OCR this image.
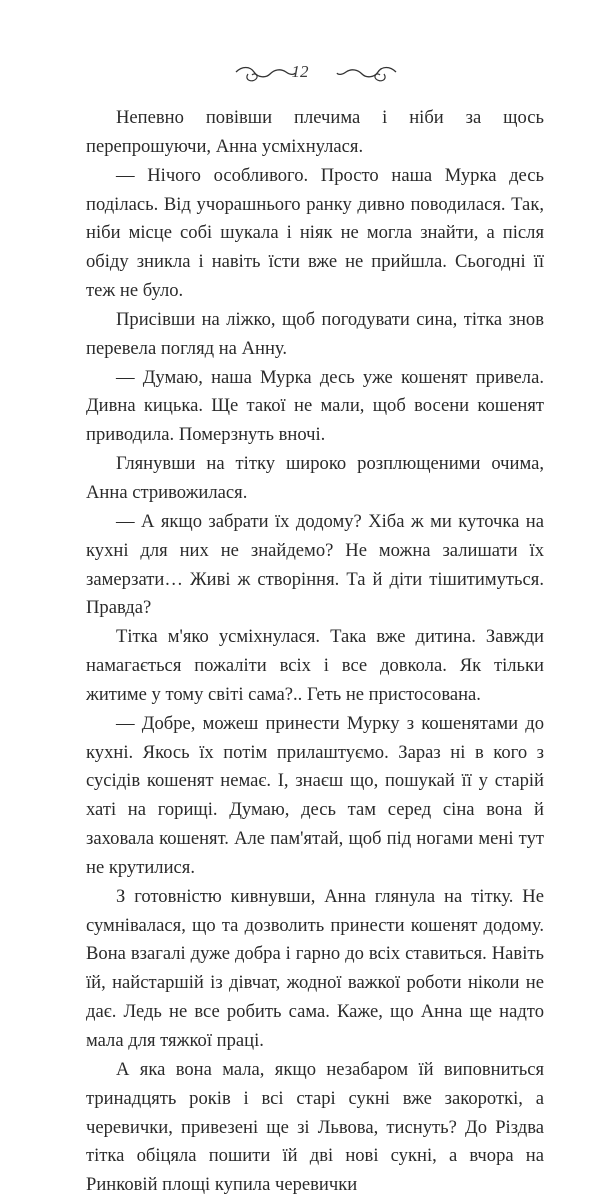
12

Непевно повівши плечима і ніби за щось перепрошуючи, Анна усміхнулася.

— Нічого особливого. Просто наша Мурка десь поділась. Від учорашнього ранку дивно поводилася. Так, ніби місце собі шукала і ніяк не могла знайти, а після обіду зникла і навіть їсти вже не прийшла. Сьогодні її теж не було.

Присівши на ліжко, щоб погодувати сина, тітка знов перевела погляд на Анну.

— Думаю, наша Мурка десь уже кошенят привела. Дивна кицька. Ще такої не мали, щоб восени кошенят приводила. Померзнуть вночі.

Глянувши на тітку широко розплющеними очима, Анна стривожилася.

— А якщо забрати їх додому? Хіба ж ми куточка на кухні для них не знайдемо? Не можна залишати їх замерзати… Живі ж створіння. Та й діти тішитимуться. Правда?

Тітка м'яко усміхнулася. Така вже дитина. Завжди намагається пожаліти всіх і все довкола. Як тільки житиме у тому світі сама?.. Геть не пристосована.

— Добре, можеш принести Мурку з кошенятами до кухні. Якось їх потім прилаштуємо. Зараз ні в кого з сусідів кошенят немає. І, знаєш що, пошукай її у старій хаті на горищі. Думаю, десь там серед сіна вона й заховала кошенят. Але пам'ятай, щоб під ногами мені тут не крутилися.

З готовністю кивнувши, Анна глянула на тітку. Не сумнівалася, що та дозволить принести кошенят додому. Вона взагалі дуже добра і гарно до всіх ставиться. Навіть їй, найстаршій із дівчат, жодної важкої роботи ніколи не дає. Ледь не все робить сама. Каже, що Анна ще надто мала для тяжкої праці.

А яка вона мала, якщо незабаром їй виповниться тринадцять років і всі старі сукні вже закороткі, а черевички, привезені ще зі Львова, тиснуть? До Різдва тітка обіцяла пошити їй дві нові сукні, а вчора на Ринковій площі купила черевички
